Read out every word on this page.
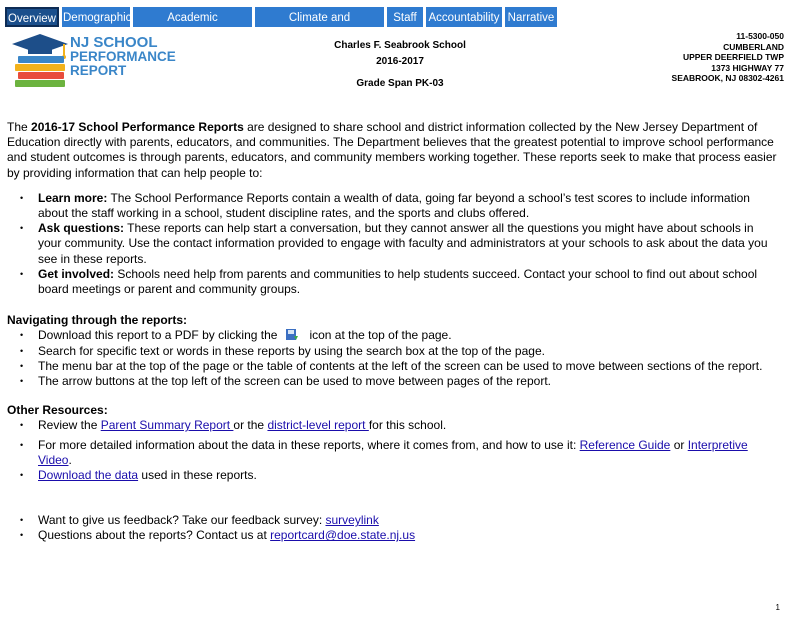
Overview Demographic	Academic Achievement
Climate and Environment
Staff	Accountability Narrative
NJ SCHOOL
PERFORMANCE
REPORT
Charles F. Seabrook School
2016-2017
Grade Span PK-03
11-5300-050
CUMBERLAND
UPPER DEERFIELD TWP
1373 HIGHWAY 77
SEABROOK, NJ 08302-4261

The 2016-17 School Performance Reports are designed to share school and district information collected by the New Jersey Department of Education directly with parents, educators, and communities. The Department believes that the greatest potential to improve school performance and student outcomes is through parents, educators, and community members working together. These reports seek to make that process easier by providing information that can help people to:

• Learn more: The School Performance Reports contain a wealth of data, going far beyond a school’s test scores to include information about the staff working in a school, student discipline rates, and the sports and clubs offered.
• Ask questions: These reports can help start a conversation, but they cannot answer all the questions you might have about schools in your community. Use the contact information provided to engage with faculty and administrators at your schools to ask about the data you see in these reports.
• Get involved: Schools need help from parents and communities to help students succeed. Contact your school to find out about school board meetings or parent and community groups.

Navigating through the reports:

• Download this report to a PDF by clicking the	icon at the top of the page.
• Search for specific text or words in these reports by using the search box at the top of the page.
• The menu bar at the top of the page or the table of contents at the left of the screen can be used to move between sections of the report.
• The arrow buttons at the top left of the screen can be used to move between pages of the report.

Other Resources:

• Review the Parent Summary Report or the district-level report for this school.
• For more detailed information about the data in these reports, where it comes from, and how to use it: Reference Guide or Interpretive Video.
• Download the data used in these reports.
• Want to give us feedback? Take our feedback survey: surveylink
• Questions about the reports? Contact us at reportcard@doe.state.nj.us
1
